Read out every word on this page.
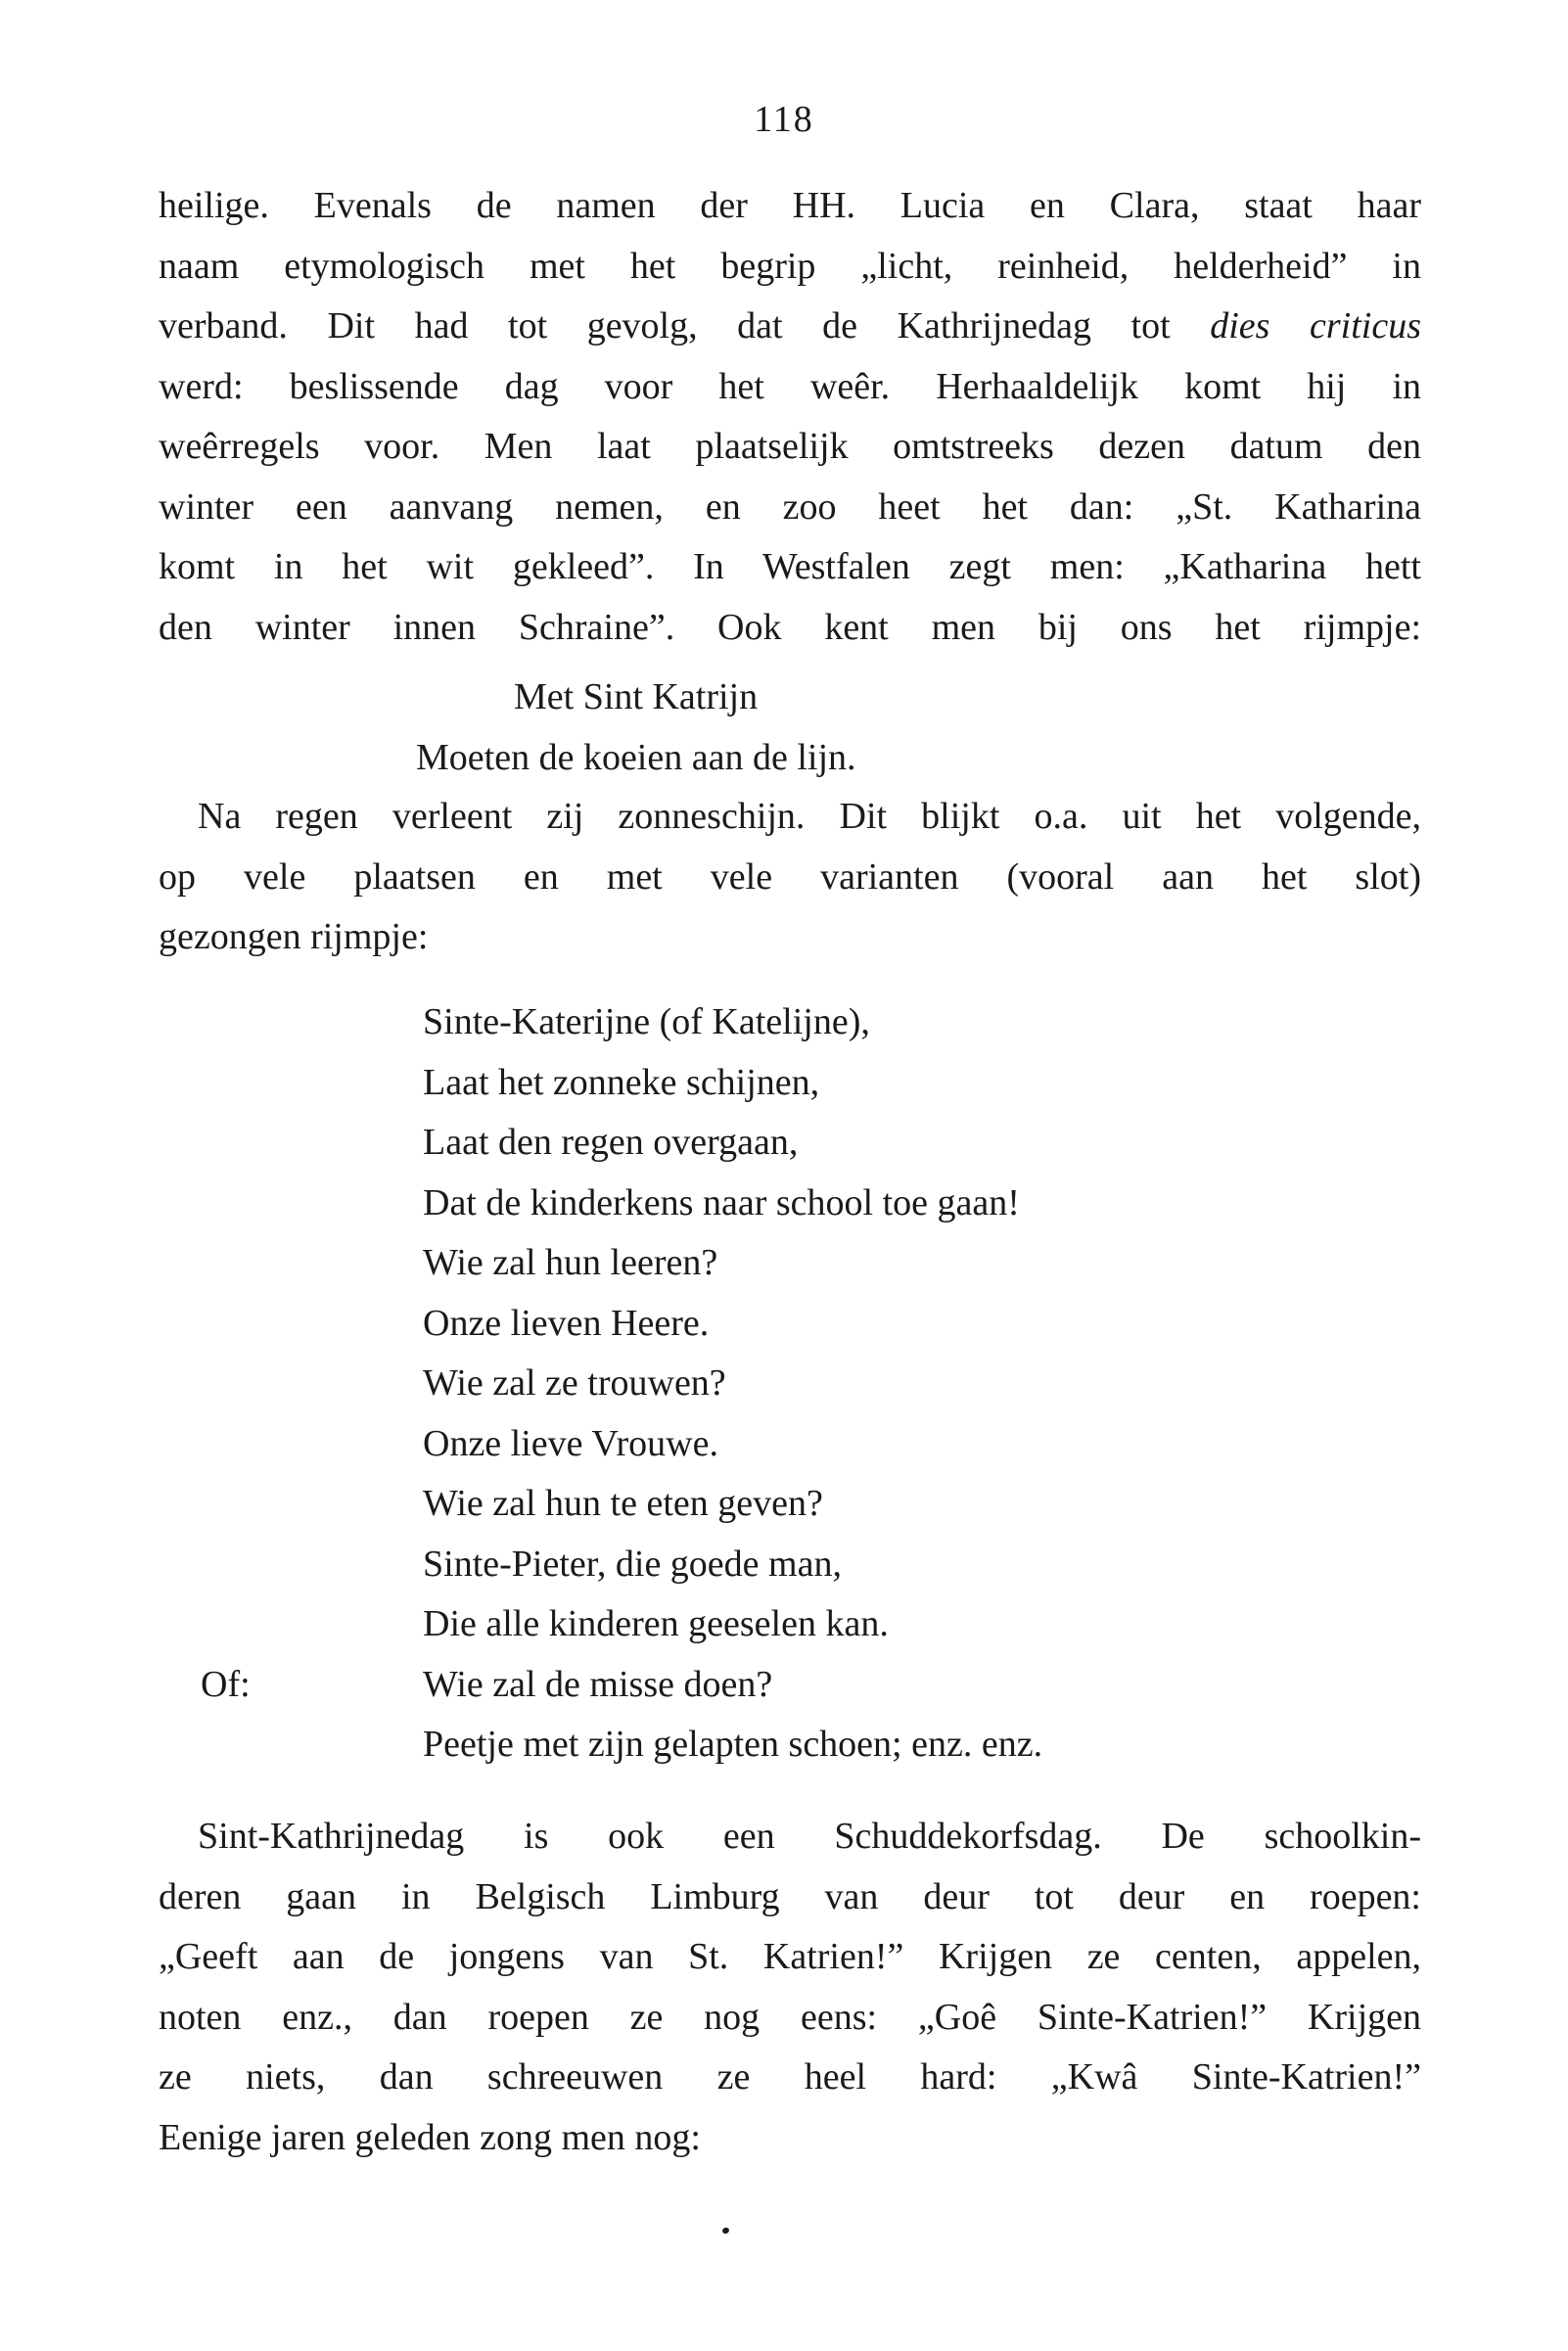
118
heilige. Evenals de namen der HH. Lucia en Clara, staat haar
naam etymologisch met het begrip „licht, reinheid, helderheid” in
verband. Dit had tot gevolg, dat de Kathrijnedag tot dies criticus
werd: beslissende dag voor het weêr. Herhaaldelijk komt hij in
weêrregels voor. Men laat plaatselijk omtstreeks dezen datum den
winter een aanvang nemen, en zoo heet het dan: „St. Katharina
komt in het wit gekleed”. In Westfalen zegt men: „Katharina hett
den winter innen Schraine”. Ook kent men bij ons het rijmpje:
Met Sint Katrijn
Moeten de koeien aan de lijn.
Na regen verleent zij zonneschijn. Dit blijkt o.a. uit het volgende,
op vele plaatsen en met vele varianten (vooral aan het slot)
gezongen rijmpje:
Sinte-Katerijne (of Katelijne),
Laat het zonneke schijnen,
Laat den regen overgaan,
Dat de kinderkens naar school toe gaan!
Wie zal hun leeren?
Onze lieven Heere.
Wie zal ze trouwen?
Onze lieve Vrouwe.
Wie zal hun te eten geven?
Sinte-Pieter, die goede man,
Die alle kinderen geeselen kan.
Wie zal de misse doen?
Peetje met zijn gelapten schoen; enz. enz.
Of:
Sint-Kathrijnedag is ook een Schuddekorfsdag. De schoolkin-
deren gaan in Belgisch Limburg van deur tot deur en roepen:
„Geeft aan de jongens van St. Katrien!” Krijgen ze centen, appelen,
noten enz., dan roepen ze nog eens: „Goê Sinte-Katrien!” Krijgen
ze niets, dan schreeuwen ze heel hard: „Kwâ Sinte-Katrien!”
Eenige jaren geleden zong men nog:
